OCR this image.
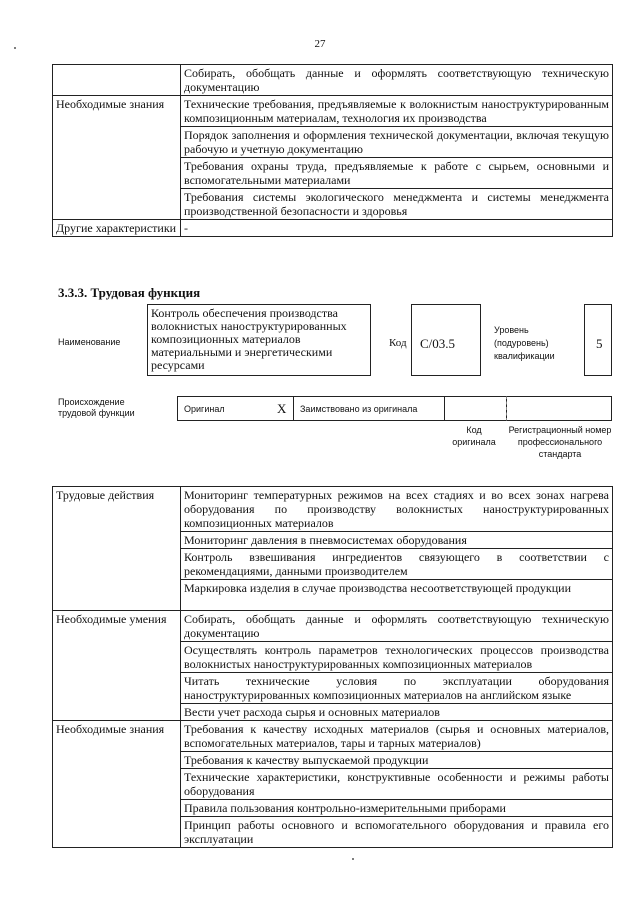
27
	Собирать, обобщать данные и оформлять соответствующую техническую документацию
Необходимые знания	Технические требования, предъявляемые к волокнистым наноструктурированным композиционным материалам, технология их производства
	Порядок заполнения и оформления технической документации, включая текущую рабочую и учетную документацию
	Требования охраны труда, предъявляемые к работе с сырьем, основными и вспомогательными материалами
	Требования системы экологического менеджмента и системы менеджмента производственной безопасности и здоровья
Другие характеристики	-
3.3.3. Трудовая функция
Наименование
Контроль обеспечения производства волокнистых наноструктурированных композиционных материалов материальными и энергетическими ресурсами
Код	С/03.5
Уровень (подуровень) квалификации
5
Происхождение трудовой функции	Оригинал	X Заимствовано из оригинала
Код оригинала
Регистрационный номер профессионального стандарта
Трудовые действия	Мониторинг температурных режимов на всех стадиях и во всех зонах нагрева оборудования по производству волокнистых наноструктурированных композиционных материалов
	Мониторинг давления в пневмосистемах оборудования
	Контроль взвешивания ингредиентов связующего в соответствии с рекомендациями, данными производителем
	Маркировка изделия в случае производства несоответствующей продукции
Необходимые умения	Собирать, обобщать данные и оформлять соответствующую техническую документацию
	Осуществлять контроль параметров технологических процессов производства волокнистых наноструктурированных композиционных материалов
	Читать технические условия по эксплуатации оборудования наноструктурированных композиционных материалов на английском языке
	Вести учет расхода сырья и основных материалов
Необходимые знания	Требования к качеству исходных материалов (сырья и основных материалов, вспомогательных материалов, тары и тарных материалов)
	Требования к качеству выпускаемой продукции
	Технические характеристики, конструктивные особенности и режимы работы оборудования
	Правила пользования контрольно-измерительными приборами
	Принцип работы основного и вспомогательного оборудования и правила его эксплуатации
